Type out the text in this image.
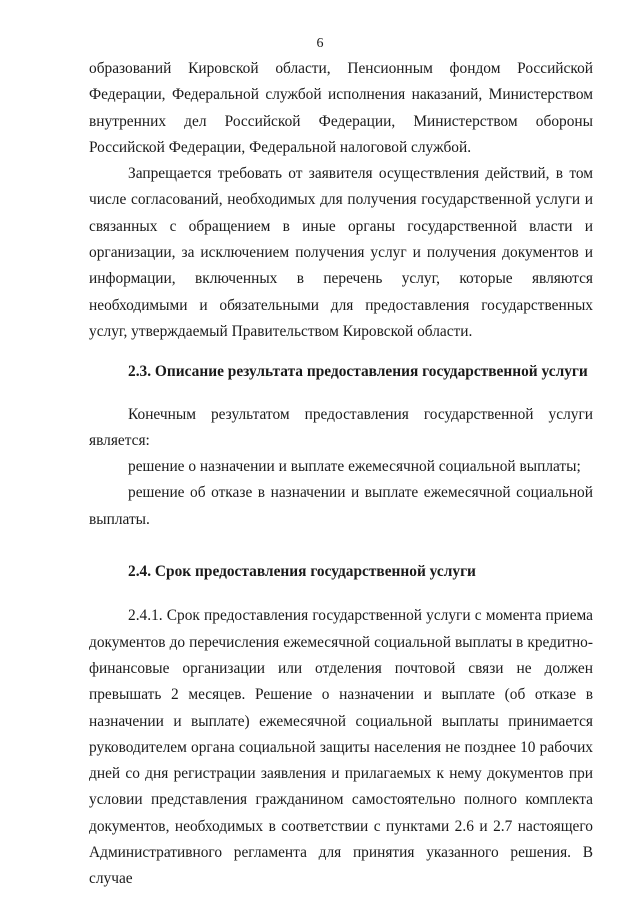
6

образований Кировской области, Пенсионным фондом Российской Федерации, Федеральной службой исполнения наказаний, Министерством внутренних дел Российской Федерации, Министерством обороны Российской Федерации, Федеральной налоговой службой.

Запрещается требовать от заявителя осуществления действий, в том числе согласований, необходимых для получения государственной услуги и связанных с обращением в иные органы государственной власти и организации, за исключением получения услуг и получения документов и информации, включенных в перечень услуг, которые являются необходимыми и обязательными для предоставления государственных услуг, утверждаемый Правительством Кировской области.

2.3. Описание результата предоставления государственной услуги

Конечным результатом предоставления государственной услуги является:

решение о назначении и выплате ежемесячной социальной выплаты;

решение об отказе в назначении и выплате ежемесячной социальной выплаты.

2.4. Срок предоставления государственной услуги

2.4.1. Срок предоставления государственной услуги с момента приема документов до перечисления ежемесячной социальной выплаты в кредитно-финансовые организации или отделения почтовой связи не должен превышать 2 месяцев. Решение о назначении и выплате (об отказе в назначении и выплате) ежемесячной социальной выплаты принимается руководителем органа социальной защиты населения не позднее 10 рабочих дней со дня регистрации заявления и прилагаемых к нему документов при условии представления гражданином самостоятельно полного комплекта документов, необходимых в соответствии с пунктами 2.6 и 2.7 настоящего Административного регламента для принятия указанного решения. В случае
